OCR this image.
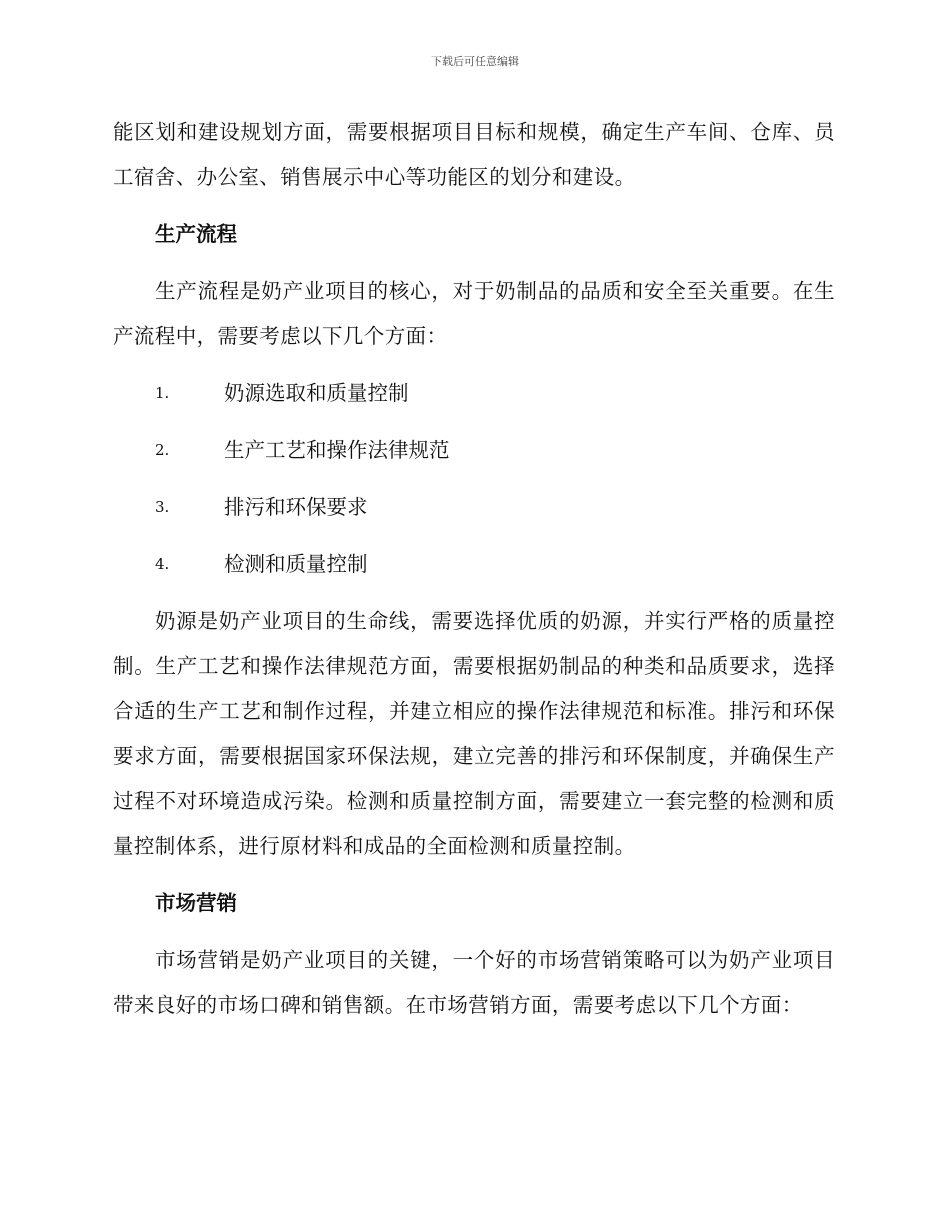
下载后可任意编辑

能区划和建设规划方面，需要根据项目目标和规模，确定生产车间、仓库、员工宿舍、办公室、销售展示中心等功能区的划分和建设。

生产流程

生产流程是奶产业项目的核心，对于奶制品的品质和安全至关重要。在生产流程中，需要考虑以下几个方面：

1.	奶源选取和质量控制
2.	生产工艺和操作法律规范
3.	排污和环保要求
4.	检测和质量控制

奶源是奶产业项目的生命线，需要选择优质的奶源，并实行严格的质量控制。生产工艺和操作法律规范方面，需要根据奶制品的种类和品质要求，选择合适的生产工艺和制作过程，并建立相应的操作法律规范和标准。排污和环保要求方面，需要根据国家环保法规，建立完善的排污和环保制度，并确保生产过程不对环境造成污染。检测和质量控制方面，需要建立一套完整的检测和质量控制体系，进行原材料和成品的全面检测和质量控制。

市场营销

市场营销是奶产业项目的关键，一个好的市场营销策略可以为奶产业项目带来良好的市场口碑和销售额。在市场营销方面，需要考虑以下几个方面：
